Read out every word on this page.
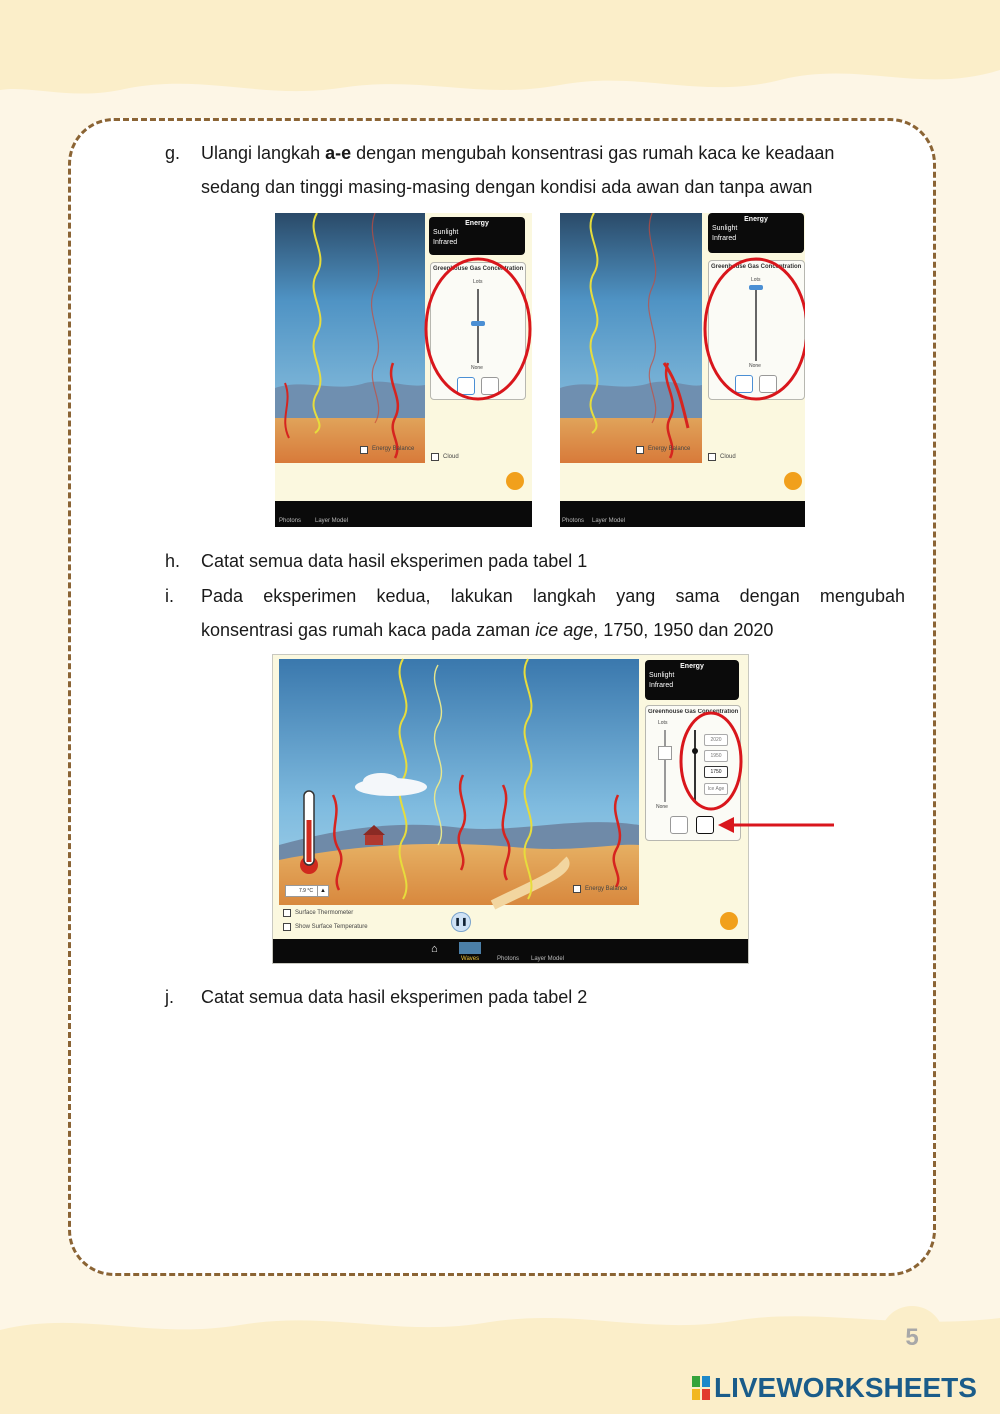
g. Ulangi langkah a-e dengan mengubah konsentrasi gas rumah kaca ke keadaan
sedang dan tinggi masing-masing dengan kondisi ada awan dan tanpa awan
Energy
Sunlight
Infrared
Greenhouse Gas Concentration
Lots
None
Energy Balance
Cloud
Photons Layer Model
Energy
Sunlight
Infrared
Greenhouse Gas Concentration
Lots
None
Energy Balance
Cloud
Photons Layer Model
h. Catat semua data hasil eksperimen pada tabel 1
i. Pada eksperimen kedua, lakukan langkah yang sama dengan mengubah
konsentrasi gas rumah kaca pada zaman ice age, 1750, 1950 dan 2020
Energy
Sunlight
Infrared
Greenhouse Gas Concentration
Lots
2020
1950
1750
Ice Age
None
7.9 °C	▲	Energy Balance
Surface Thermometer
Show Surface Temperature
❚❚
⌂
Waves	Photons Layer Model
j. Catat semua data hasil eksperimen pada tabel 2
5
LIVEWORKSHEETS
